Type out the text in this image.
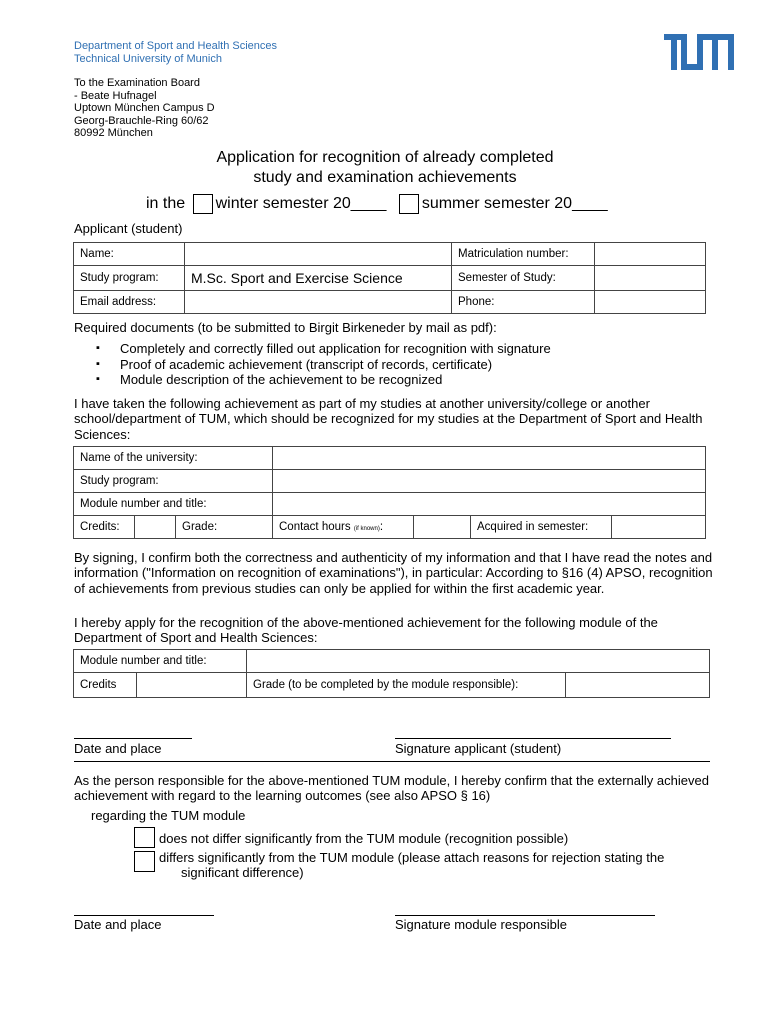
Department of Sport and Health Sciences
Technical University of Munich
To the Examination Board
- Beate Hufnagel
Uptown München Campus D
Georg-Brauchle-Ring 60/62
80992 München
Application for recognition of already completed
study and examination achievements
in the winter semester 20____ summer semester 20____
Applicant (student)
Name:		Matriculation number:	
Study program:	M.Sc. Sport and Exercise Science	Semester of Study:	
Email address:		Phone:	
Required documents (to be submitted to Birgit Birkeneder by mail as pdf):
▪ Completely and correctly filled out application for recognition with signature
▪ Proof of academic achievement (transcript of records, certificate)
▪ Module description of the achievement to be recognized
I have taken the following achievement as part of my studies at another university/college or another school/department of TUM, which should be recognized for my studies at the Department of Sport and Health Sciences:
Name of the university:						
Study program:						
Module number and title:						
Credits:		Grade:	Contact hours (if known):		Acquired in semester:	
By signing, I confirm both the correctness and authenticity of my information and that I have read the notes and information ("Information on recognition of examinations"), in particular: According to §16 (4) APSO, recognition of achievements from previous studies can only be applied for within the first academic year.
I hereby apply for the recognition of the above-mentioned achievement for the following module of the Department of Sport and Health Sciences:
Module number and title:			
Credits		Grade (to be completed by the module responsible):	
Date and place	Signature applicant (student)
As the person responsible for the above-mentioned TUM module, I hereby confirm that the externally achieved achievement with regard to the learning outcomes (see also APSO § 16)
regarding the TUM module
does not differ significantly from the TUM module (recognition possible)
differs significantly from the TUM module (please attach reasons for rejection stating the
significant difference)
Date and place	Signature module responsible
